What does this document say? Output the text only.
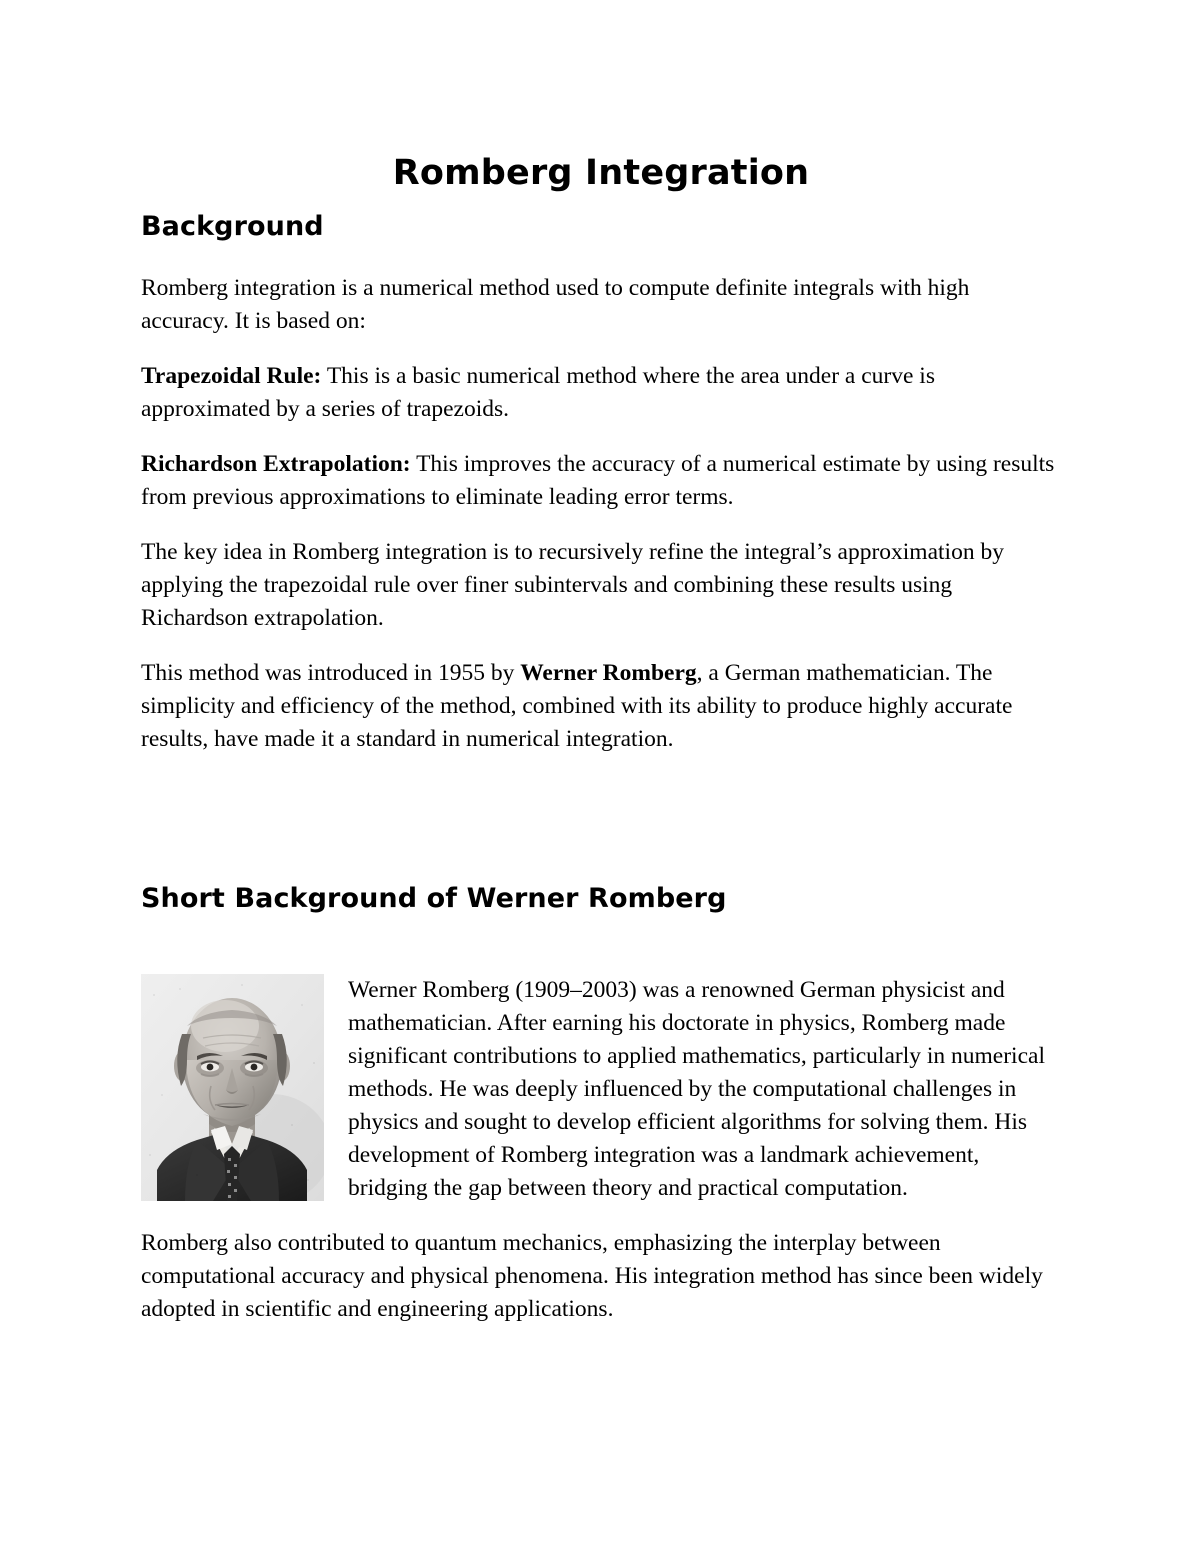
Romberg Integration
Background

Romberg integration is a numerical method used to compute definite integrals with high accuracy. It is based on:

Trapezoidal Rule: This is a basic numerical method where the area under a curve is approximated by a series of trapezoids.

Richardson Extrapolation: This improves the accuracy of a numerical estimate by using results from previous approximations to eliminate leading error terms.

The key idea in Romberg integration is to recursively refine the integral’s approximation by applying the trapezoidal rule over finer subintervals and combining these results using Richardson extrapolation.

This method was introduced in 1955 by Werner Romberg, a German mathematician. The simplicity and efficiency of the method, combined with its ability to produce highly accurate results, have made it a standard in numerical integration.

Short Background of Werner Romberg

Werner Romberg (1909–2003) was a renowned German physicist and mathematician. After earning his doctorate in physics, Romberg made significant contributions to applied mathematics, particularly in numerical methods. He was deeply influenced by the computational challenges in physics and sought to develop efficient algorithms for solving them. His development of Romberg integration was a landmark achievement, bridging the gap between theory and practical computation.

Romberg also contributed to quantum mechanics, emphasizing the interplay between computational accuracy and physical phenomena. His integration method has since been widely adopted in scientific and engineering applications.
